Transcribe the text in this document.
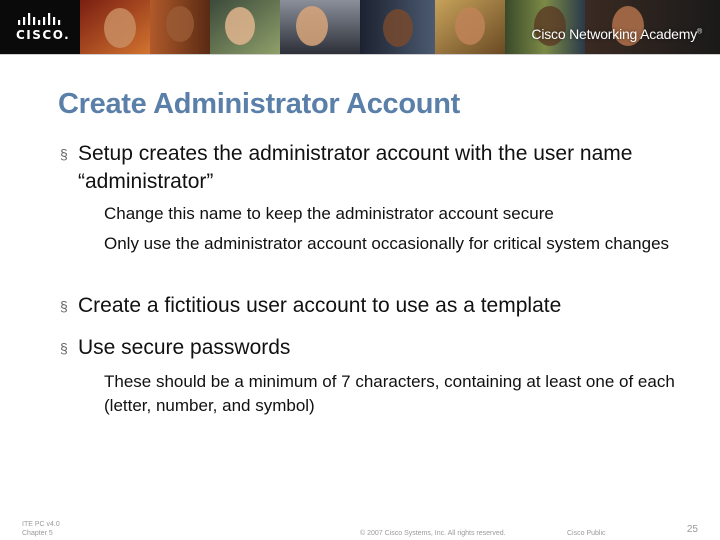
CISCO.	Cisco Networking Academy®
Create Administrator Account
§ Setup creates the administrator account with the user name “administrator”
Change this name to keep the administrator account secure
Only use the administrator account occasionally for critical system changes
§ Create a fictitious user account to use as a template
§ Use secure passwords
These should be a minimum of 7 characters, containing at least one of each (letter, number, and symbol)
ITE PC v4.0
Chapter 5	© 2007 Cisco Systems, Inc. All rights reserved.	Cisco Public	25
